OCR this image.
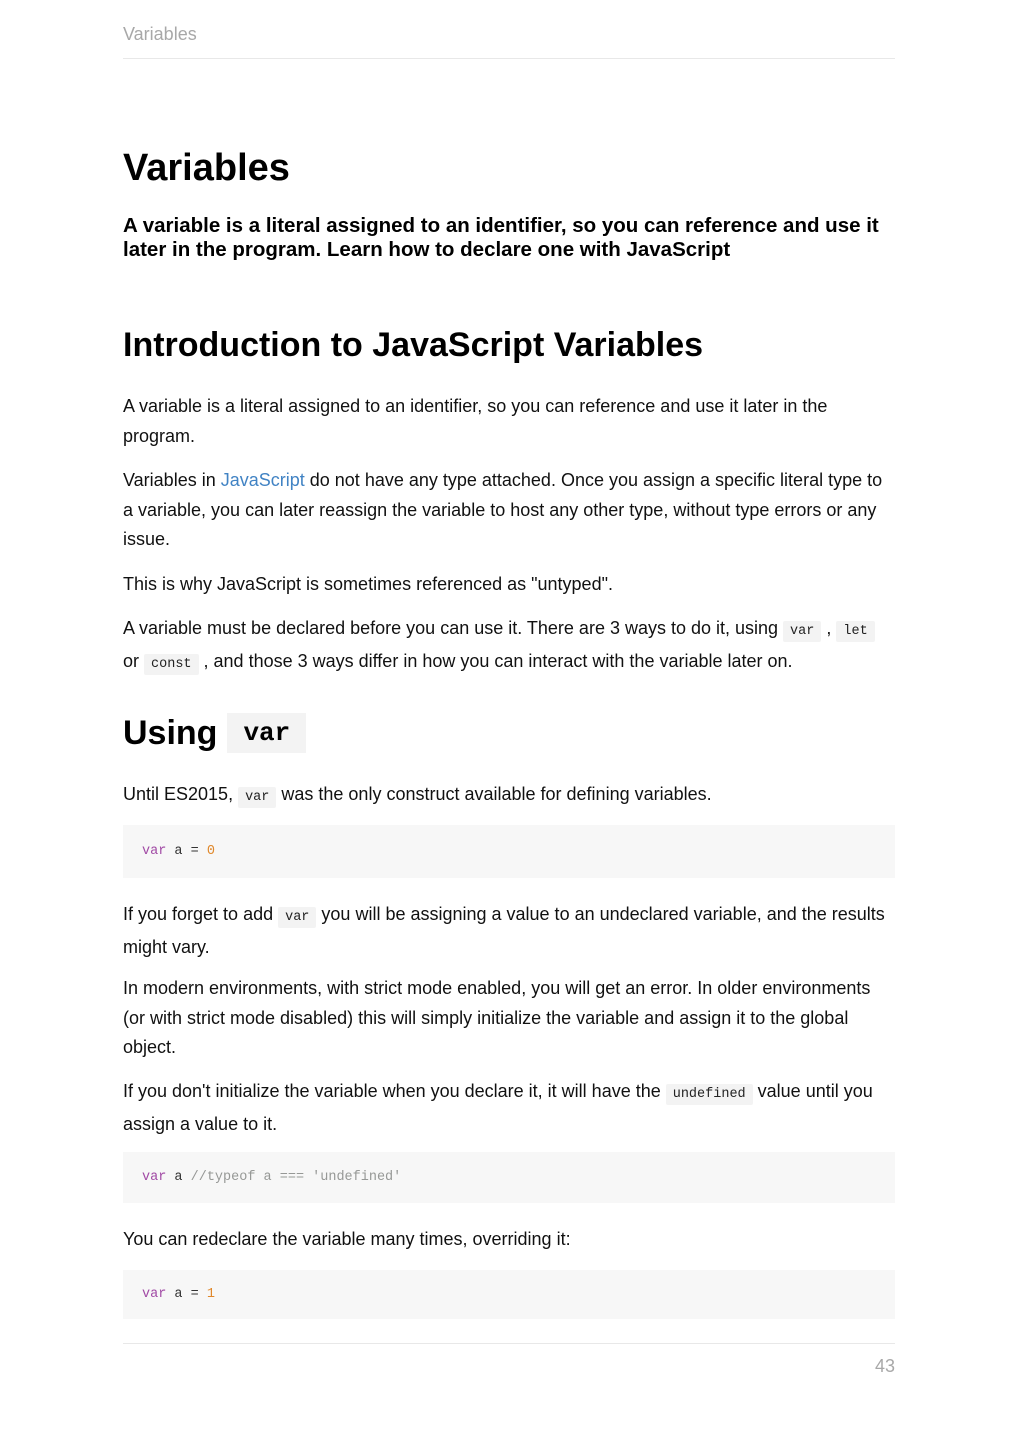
Variables
Variables
A variable is a literal assigned to an identifier, so you can reference and use it later in the program. Learn how to declare one with JavaScript
Introduction to JavaScript Variables

A variable is a literal assigned to an identifier, so you can reference and use it later in the program.

Variables in JavaScript do not have any type attached. Once you assign a specific literal type to a variable, you can later reassign the variable to host any other type, without type errors or any issue.

This is why JavaScript is sometimes referenced as "untyped".

A variable must be declared before you can use it. There are 3 ways to do it, using var , let or const , and those 3 ways differ in how you can interact with the variable later on.

Using	var

Until ES2015, var was the only construct available for defining variables.

var a = 0

If you forget to add var you will be assigning a value to an undeclared variable, and the results might vary.

In modern environments, with strict mode enabled, you will get an error. In older environments (or with strict mode disabled) this will simply initialize the variable and assign it to the global object.

If you don't initialize the variable when you declare it, it will have the undefined value until you assign a value to it.

var a //typeof a === 'undefined'

You can redeclare the variable many times, overriding it:

var a = 1
43
